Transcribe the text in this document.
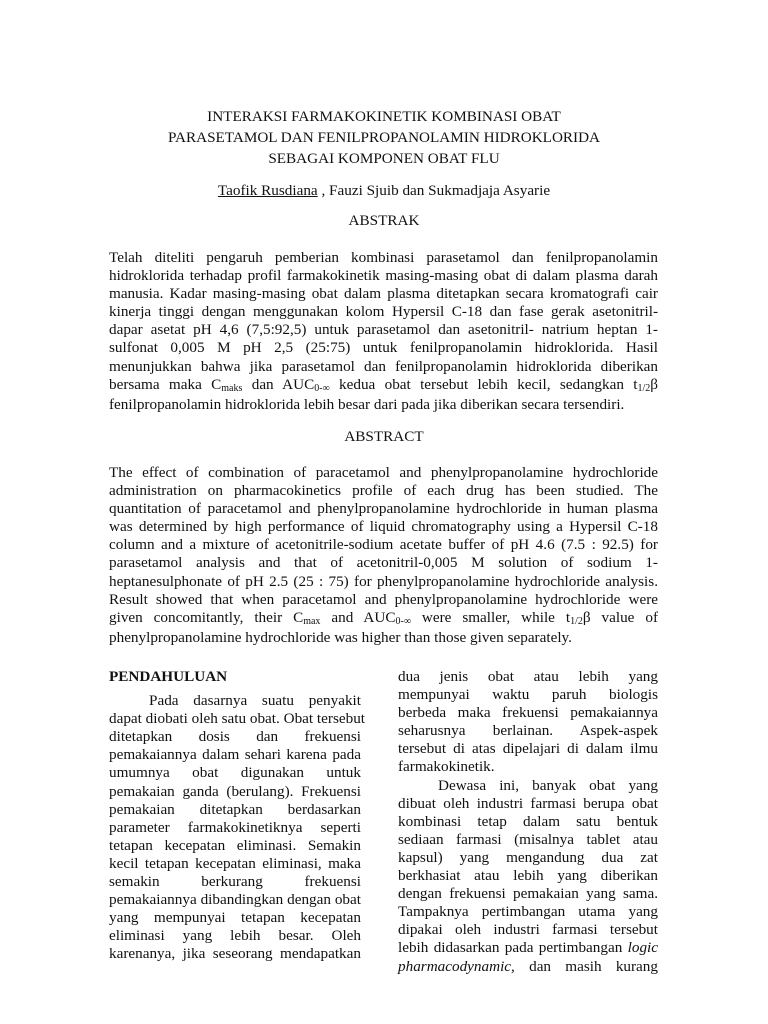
INTERAKSI FARMAKOKINETIK KOMBINASI OBAT
PARASETAMOL DAN FENILPROPANOLAMIN HIDROKLORIDA
SEBAGAI KOMPONEN OBAT FLU
Taofik Rusdiana , Fauzi Sjuib dan Sukmadjaja Asyarie
ABSTRAK
Telah diteliti pengaruh pemberian kombinasi parasetamol dan fenilpropanolamin
hidroklorida terhadap profil farmakokinetik masing-masing obat di dalam plasma darah
manusia. Kadar masing-masing obat dalam plasma ditetapkan secara kromatografi cair
kinerja tinggi dengan menggunakan kolom Hypersil C-18 dan fase gerak asetonitril-
dapar asetat pH 4,6 (7,5:92,5) untuk parasetamol dan asetonitril- natrium heptan 1-
sulfonat 0,005 M pH 2,5 (25:75) untuk fenilpropanolamin hidroklorida. Hasil
menunjukkan bahwa jika parasetamol dan fenilpropanolamin hidroklorida diberikan
bersama maka $C_{maks}$ dan $AUC_{0-\infty}$ kedua obat tersebut lebih kecil, sedangkan $t_{1/2}\beta$
fenilpropanolamin hidroklorida lebih besar dari pada jika diberikan secara tersendiri.
ABSTRACT
The effect of combination of paracetamol and phenylpropanolamine hydrochloride
administration on pharmacokinetics profile of each drug has been studied. The
quantitation of paracetamol and phenylpropanolamine hydrochloride in human plasma
was determined by high performance of liquid chromatography using a Hypersil C-18
column and a mixture of acetonitrile-sodium acetate buffer of pH 4.6 (7.5 : 92.5) for
parasetamol analysis and that of acetonitril-0,005 M solution of sodium 1-
heptanesulphonate of pH 2.5 (25 : 75) for phenylpropanolamine hydrochloride analysis.
Result showed that when paracetamol and phenylpropanolamine hydrochloride were
given concomitantly, their $C_{max}$ and $AUC_{0-\infty}$ were smaller, while $t_{1/2}\beta$ value of
phenylpropanolamine hydrochloride was higher than those given separately.
PENDAHULUAN
Pada dasarnya suatu penyakit
dapat diobati oleh satu obat. Obat tersebut
ditetapkan dosis dan frekuensi
pemakaiannya dalam sehari karena pada
umumnya obat digunakan untuk
pemakaian ganda (berulang). Frekuensi
pemakaian ditetapkan berdasarkan
parameter farmakokinetiknya seperti
tetapan kecepatan eliminasi. Semakin
kecil tetapan kecepatan eliminasi, maka
semakin berkurang frekuensi
pemakaiannya dibandingkan dengan obat
yang mempunyai tetapan kecepatan
eliminasi yang lebih besar. Oleh
karenanya, jika seseorang mendapatkan
dua jenis obat atau lebih yang
mempunyai waktu paruh biologis
berbeda maka frekuensi pemakaiannya
seharusnya berlainan. Aspek-aspek
tersebut di atas dipelajari di dalam ilmu
farmakokinetik.
Dewasa ini, banyak obat yang
dibuat oleh industri farmasi berupa obat
kombinasi tetap dalam satu bentuk
sediaan farmasi (misalnya tablet atau
kapsul) yang mengandung dua zat
berkhasiat atau lebih yang diberikan
dengan frekuensi pemakaian yang sama.
Tampaknya pertimbangan utama yang
dipakai oleh industri farmasi tersebut
lebih didasarkan pada pertimbangan logic
pharmacodynamic, dan masih kurang
